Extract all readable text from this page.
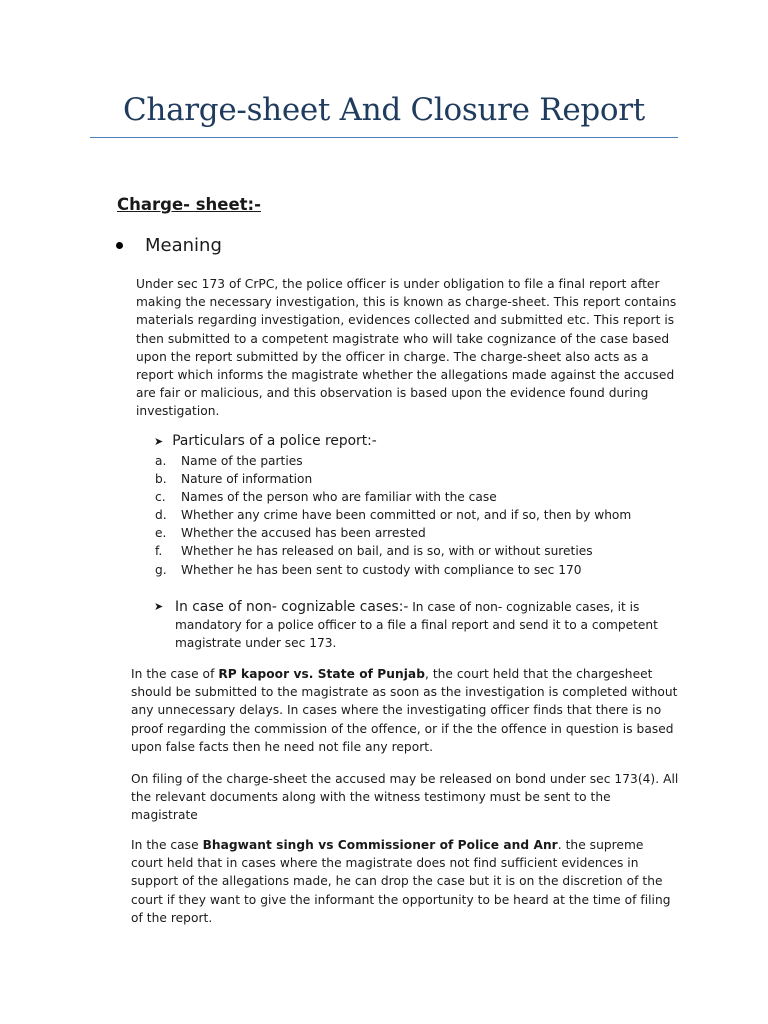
Charge-sheet And Closure Report
Charge- sheet:-
Meaning
Under sec 173 of CrPC, the police officer is under obligation to file a final report after making the necessary investigation, this is known as charge-sheet. This report contains materials regarding investigation, evidences collected and submitted etc. This report is then submitted to a competent magistrate who will take cognizance of the case based upon the report submitted by the officer in charge. The charge-sheet also acts as a report which informs the magistrate whether the allegations made against the accused are fair or malicious, and this observation is based upon the evidence found during investigation.
➤ Particulars of a police report:-
a.	Name of the parties
b.	Nature of information
c.	Names of the person who are familiar with the case
d.	Whether any crime have been committed or not, and if so, then by whom
e.	Whether the accused has been arrested
f.	Whether he has released on bail, and is so, with or without sureties
g.	Whether he has been sent to custody with compliance to sec 170
➤ In case of non- cognizable cases:- In case of non- cognizable cases, it is mandatory for a police officer to a file a final report and send it to a competent magistrate under sec 173.
In the case of RP kapoor vs. State of Punjab, the court held that the chargesheet should be submitted to the magistrate as soon as the investigation is completed without any unnecessary delays. In cases where the investigating officer finds that there is no proof regarding the commission of the offence, or if the the offence in question is based upon false facts then he need not file any report.
On filing of the charge-sheet the accused may be released on bond under sec 173(4). All the relevant documents along with the witness testimony must be sent to the magistrate
In the case Bhagwant singh vs Commissioner of Police and Anr. the supreme court held that in cases where the magistrate does not find sufficient evidences in support of the allegations made, he can drop the case but it is on the discretion of the court if they want to give the informant the opportunity to be heard at the time of filing of the report.
